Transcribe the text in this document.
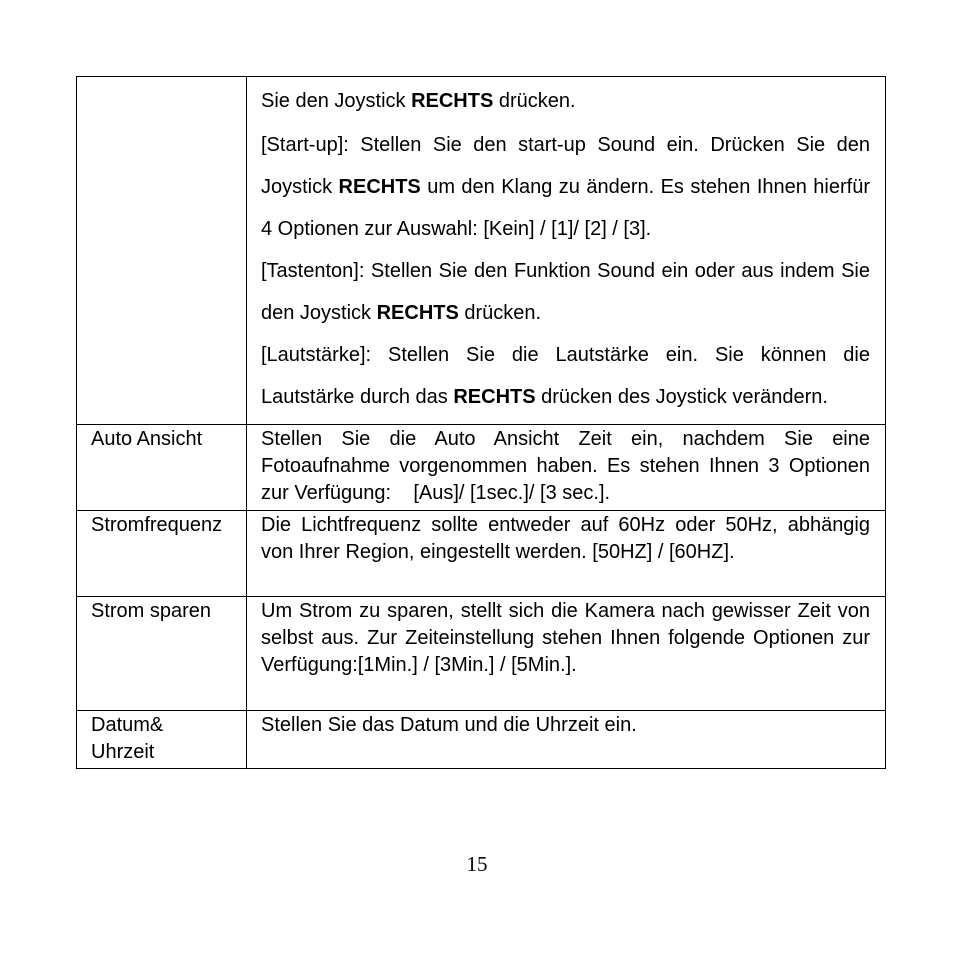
	Sie den Joystick RECHTS drücken.

[Start-up]: Stellen Sie den start-up Sound ein. Drücken Sie den Joystick RECHTS um den Klang zu ändern. Es stehen Ihnen hierfür 4 Optionen zur Auswahl: [Kein] / [1]/ [2] / [3].

[Tastenton]: Stellen Sie den Funktion Sound ein oder aus indem Sie den Joystick RECHTS drücken.

[Lautstärke]: Stellen Sie die Lautstärke ein. Sie können die Lautstärke durch das RECHTS drücken des Joystick verändern.

Auto Ansicht	Stellen Sie die Auto Ansicht Zeit ein, nachdem Sie eine Fotoaufnahme vorgenommen haben. Es stehen Ihnen 3 Optionen zur Verfügung:    [Aus]/ [1sec.]/ [3 sec.].
Stromfrequenz	Die Lichtfrequenz sollte entweder auf 60Hz oder 50Hz, abhängig von Ihrer Region, eingestellt werden. [50HZ] / [60HZ].
Strom sparen	Um Strom zu sparen, stellt sich die Kamera nach gewisser Zeit von selbst aus. Zur Zeiteinstellung stehen Ihnen folgende Optionen zur Verfügung:[1Min.] / [3Min.] / [5Min.].
Datum& Uhrzeit	Stellen Sie das Datum und die Uhrzeit ein.
15
